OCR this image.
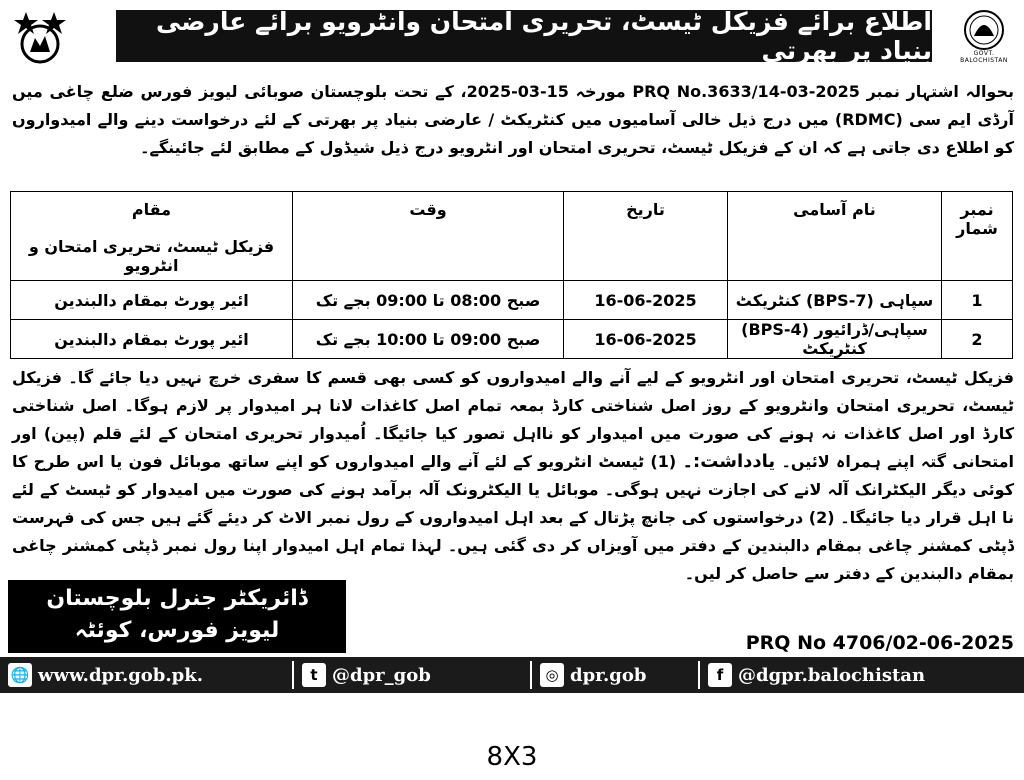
اطلاع برائے فزیکل ٹیسٹ، تحریری امتحان وانٹرویو برائے عارضی بنیاد پر بھرتی	GOVT. BALOCHISTAN
بحوالہ اشتہار نمبر PRQ No.3633/14-03-2025 مورخہ 15-03-2025، کے تحت بلوچستان صوبائی لیویز فورس ضلع چاغی میں آرڈی ایم سی (RDMC) میں درج ذیل خالی آسامیوں میں کنٹریکٹ / عارضی بنیاد پر بھرتی کے لئے درخواست دینے والے امیدواروں کو اطلاع دی جاتی ہے کہ ان کے فزیکل ٹیسٹ، تحریری امتحان اور انٹرویو درج ذیل شیڈول کے مطابق لئے جائینگے۔
نمبر شمار	نام آسامی	تاریخ	وقت	مقام
فزیکل ٹیسٹ، تحریری امتحان و انٹرویو

1	سپاہی (BPS-7) کنٹریکٹ	16-06-2025	صبح 08:00 تا 09:00 بجے تک	ائیر پورٹ بمقام دالبندین
2	سپاہی/ڈرائیور (BPS-4) کنٹریکٹ	16-06-2025	صبح 09:00 تا 10:00 بجے تک	ائیر پورٹ بمقام دالبندین
فزیکل ٹیسٹ، تحریری امتحان اور انٹرویو کے لیے آنے والے امیدواروں کو کسی بھی قسم کا سفری خرچ نہیں دیا جائے گا۔ فزیکل ٹیسٹ، تحریری امتحان وانٹرویو کے روز اصل شناختی کارڈ بمعہ تمام اصل کاغذات لانا ہر امیدوار پر لازم ہوگا۔ اصل شناختی کارڈ اور اصل کاغذات نہ ہونے کی صورت میں امیدوار کو نااہل تصور کیا جائیگا۔ اُمیدوار تحریری امتحان کے لئے قلم (پین) اور امتحانی گتہ اپنے ہمراہ لائیں۔ یادداشت:۔ (1) ٹیسٹ انٹرویو کے لئے آنے والے امیدواروں کو اپنے ساتھ موبائل فون یا اس طرح کا کوئی دیگر الیکٹرانک آلہ لانے کی اجازت نہیں ہوگی۔ موبائل یا الیکٹرونک آلہ برآمد ہونے کی صورت میں امیدوار کو ٹیسٹ کے لئے نا اہل قرار دیا جائیگا۔ (2) درخواستوں کی جانچ پڑتال کے بعد اہل امیدواروں کے رول نمبر الاٹ کر دیئے گئے ہیں جس کی فہرست ڈپٹی کمشنر چاغی بمقام دالبندین کے دفتر میں آویزاں کر دی گئی ہیں۔ لہذا تمام اہل امیدوار اپنا رول نمبر ڈپٹی کمشنر چاغی بمقام دالبندین کے دفتر سے حاصل کر لیں۔
ڈائریکٹر جنرل بلوچستان
لیویز فورس، کوئٹہ	PRQ No 4706/02-06-2025
🌐 www.dpr.gob.pk.	t @dpr_gob	◎ dpr.gob	f @dgpr.balochistan
8X3
